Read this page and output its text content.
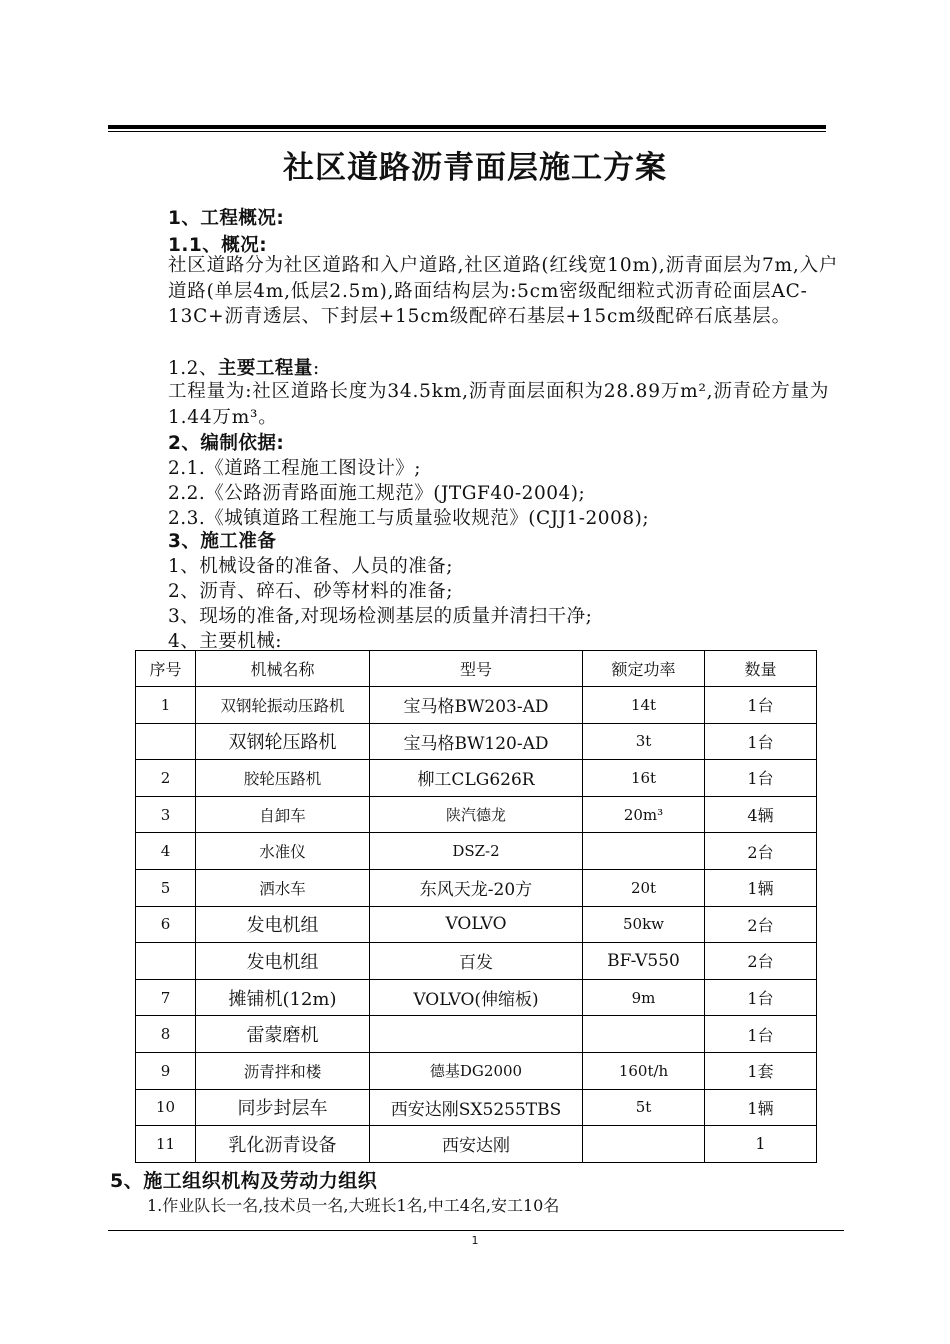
社区道路沥青面层施工方案
1、工程概况:
1.1、概况:
社区道路分为社区道路和入户道路,社区道路(红线宽10m),沥青面层为7m,入户道路(单层4m,低层2.5m),路面结构层为:5cm密级配细粒式沥青砼面层AC-13C+沥青透层、下封层+15cm级配碎石基层+15cm级配碎石底基层。
1.2、主要工程量:
工程量为:社区道路长度为34.5km,沥青面层面积为28.89万m²,沥青砼方量为1.44万m³。
2、编制依据:
2.1.《道路工程施工图设计》;
2.2.《公路沥青路面施工规范》(JTGF40-2004);
2.3.《城镇道路工程施工与质量验收规范》(CJJ1-2008);
3、施工准备
1、机械设备的准备、人员的准备;
2、沥青、碎石、砂等材料的准备;
3、现场的准备,对现场检测基层的质量并清扫干净;
4、主要机械:
序号	机械名称	型号	额定功率	数量
1	双钢轮振动压路机	宝马格BW203-AD	14t	1台
	双钢轮压路机	宝马格BW120-AD	3t	1台
2	胶轮压路机	柳工CLG626R	16t	1台
3	自卸车	陕汽德龙	20m³	4辆
4	水准仪	DSZ-2		2台
5	洒水车	东风天龙-20方	20t	1辆
6	发电机组	VOLVO	50kw	2台
	发电机组	百发	BF-V550	2台
7	摊铺机(12m)	VOLVO(伸缩板)	9m	1台
8	雷蒙磨机			1台
9	沥青拌和楼	德基DG2000	160t/h	1套
10	同步封层车	西安达刚SX5255TBS	5t	1辆
11	乳化沥青设备	西安达刚		1
5、施工组织机构及劳动力组织
1.作业队长一名,技术员一名,大班长1名,中工4名,安工10名
1
